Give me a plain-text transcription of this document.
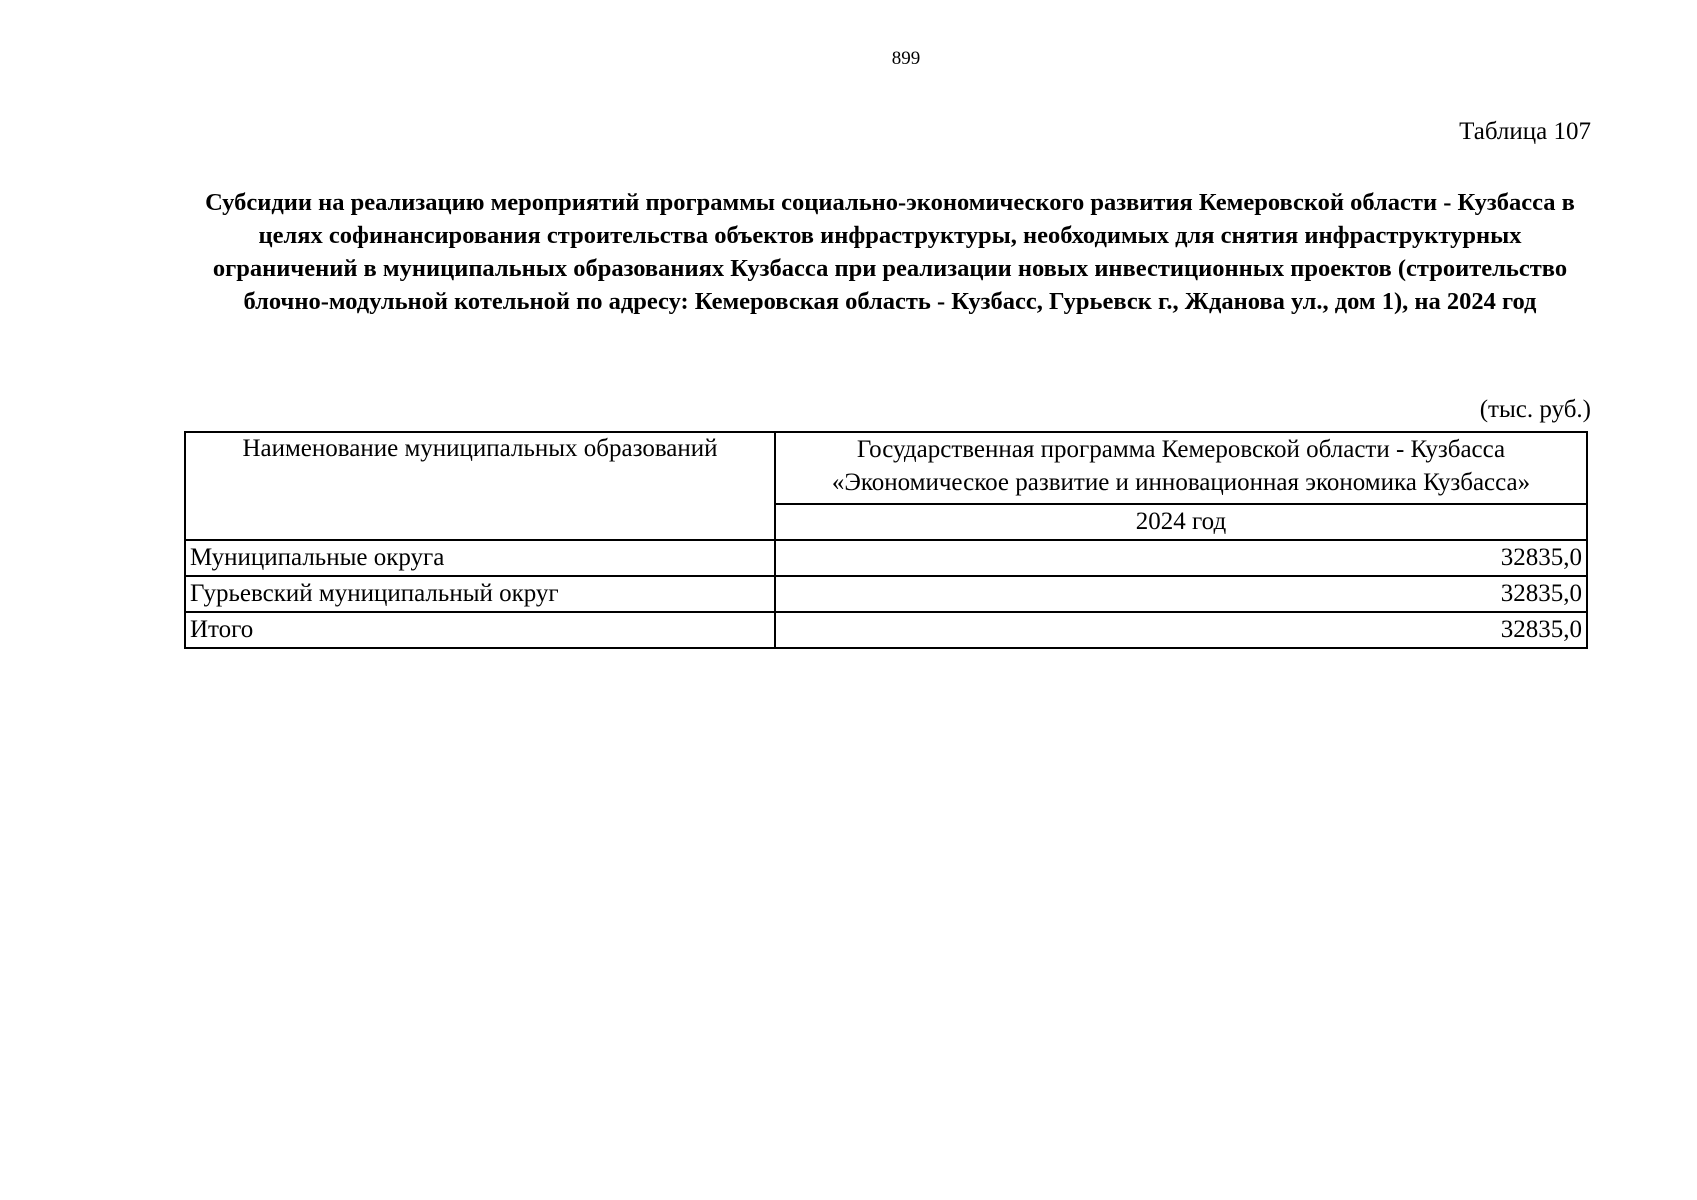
899
Таблица 107
Субсидии на реализацию мероприятий программы социально-экономического развития Кемеровской области - Кузбасса в целях софинансирования строительства объектов инфраструктуры, необходимых для снятия инфраструктурных ограничений в муниципальных образованиях Кузбасса при реализации новых инвестиционных проектов (строительство блочно-модульной котельной по адресу: Кемеровская область - Кузбасс, Гурьевск г., Жданова ул., дом 1), на 2024 год
(тыс. руб.)
Наименование муниципальных образований	Государственная программа Кемеровской области - Кузбасса «Экономическое развитие и инновационная экономика Кузбасса»
	2024 год
Муниципальные округа	32835,0
Гурьевский муниципальный округ	32835,0
Итого	32835,0
